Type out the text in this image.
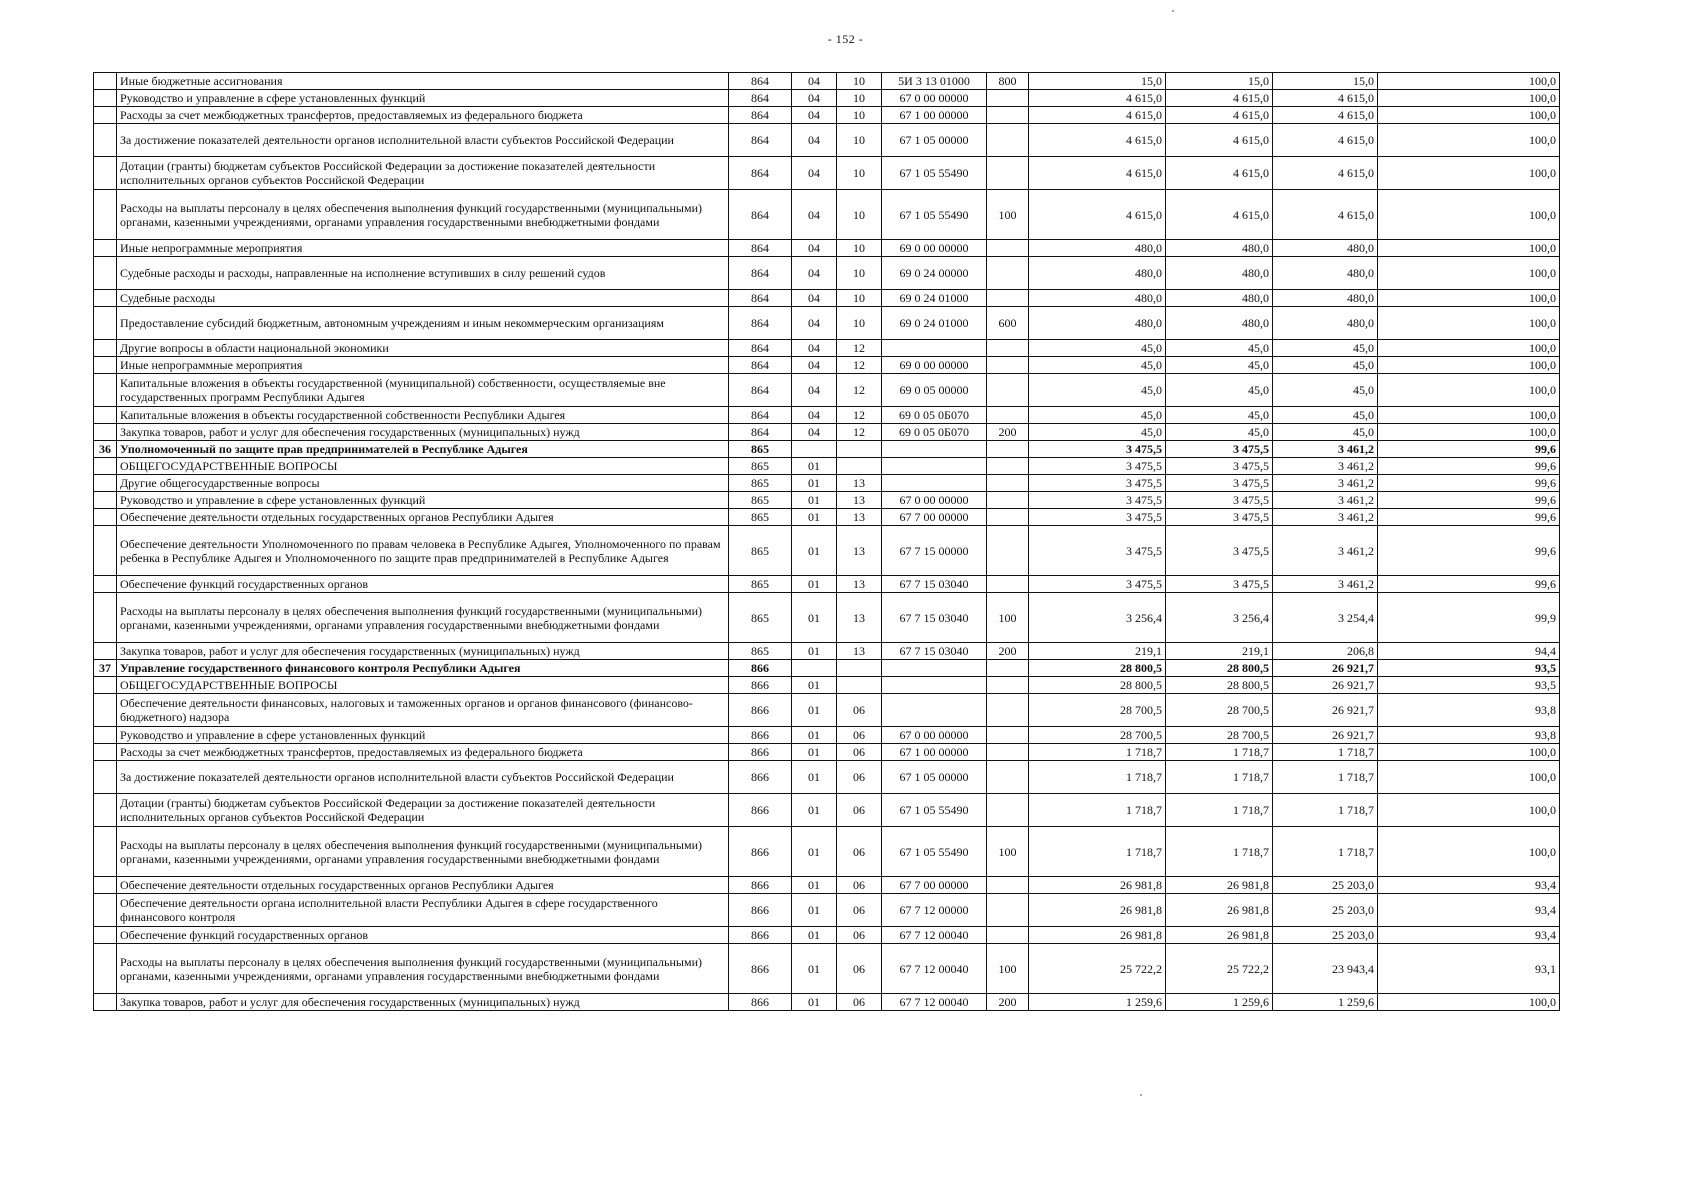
- 152 -
	Иные бюджетные ассигнования	864	04	10	5И 3 13 01000	800	15,0	15,0	15,0	100,0
	Руководство и управление в сфере установленных функций	864	04	10	67 0 00 00000		4 615,0	4 615,0	4 615,0	100,0
	Расходы за счет межбюджетных трансфертов, предоставляемых из федерального бюджета	864	04	10	67 1 00 00000		4 615,0	4 615,0	4 615,0	100,0
	За достижение показателей деятельности органов исполнительной власти субъектов Российской Федерации	864	04	10	67 1 05 00000		4 615,0	4 615,0	4 615,0	100,0
	Дотации (гранты) бюджетам субъектов Российской Федерации за достижение показателей деятельности исполнительных органов субъектов Российской Федерации	864	04	10	67 1 05 55490		4 615,0	4 615,0	4 615,0	100,0
	Расходы на выплаты персоналу в целях обеспечения выполнения функций государственными (муниципальными) органами, казенными учреждениями, органами управления государственными внебюджетными фондами	864	04	10	67 1 05 55490	100	4 615,0	4 615,0	4 615,0	100,0
	Иные непрограммные мероприятия	864	04	10	69 0 00 00000		480,0	480,0	480,0	100,0
	Судебные расходы и расходы, направленные на исполнение вступивших в силу решений судов	864	04	10	69 0 24 00000		480,0	480,0	480,0	100,0
	Судебные расходы	864	04	10	69 0 24 01000		480,0	480,0	480,0	100,0
	Предоставление субсидий бюджетным, автономным учреждениям и иным некоммерческим организациям	864	04	10	69 0 24 01000	600	480,0	480,0	480,0	100,0
	Другие вопросы в области национальной экономики	864	04	12			45,0	45,0	45,0	100,0
	Иные непрограммные мероприятия	864	04	12	69 0 00 00000		45,0	45,0	45,0	100,0
	Капитальные вложения в объекты государственной (муниципальной) собственности, осуществляемые вне государственных программ Республики Адыгея	864	04	12	69 0 05 00000		45,0	45,0	45,0	100,0
	Капитальные вложения в объекты государственной собственности Республики Адыгея	864	04	12	69 0 05 0Б070		45,0	45,0	45,0	100,0
	Закупка товаров, работ и услуг для обеспечения государственных (муниципальных) нужд	864	04	12	69 0 05 0Б070	200	45,0	45,0	45,0	100,0
36	Уполномоченный по защите прав предпринимателей в Республике Адыгея	865					3 475,5	3 475,5	3 461,2	99,6
	ОБЩЕГОСУДАРСТВЕННЫЕ ВОПРОСЫ	865	01				3 475,5	3 475,5	3 461,2	99,6
	Другие общегосударственные вопросы	865	01	13			3 475,5	3 475,5	3 461,2	99,6
	Руководство и управление в сфере установленных функций	865	01	13	67 0 00 00000		3 475,5	3 475,5	3 461,2	99,6
	Обеспечение деятельности отдельных государственных органов Республики Адыгея	865	01	13	67 7 00 00000		3 475,5	3 475,5	3 461,2	99,6
	Обеспечение деятельности Уполномоченного по правам человека в Республике Адыгея, Уполномоченного по правам ребенка в Республике Адыгея и Уполномоченного по защите прав предпринимателей в Республике Адыгея	865	01	13	67 7 15 00000		3 475,5	3 475,5	3 461,2	99,6
	Обеспечение функций государственных органов	865	01	13	67 7 15 03040		3 475,5	3 475,5	3 461,2	99,6
	Расходы на выплаты персоналу в целях обеспечения выполнения функций государственными (муниципальными) органами, казенными учреждениями, органами управления государственными внебюджетными фондами	865	01	13	67 7 15 03040	100	3 256,4	3 256,4	3 254,4	99,9
	Закупка товаров, работ и услуг для обеспечения государственных (муниципальных) нужд	865	01	13	67 7 15 03040	200	219,1	219,1	206,8	94,4
37	Управление государственного финансового контроля Республики Адыгея	866					28 800,5	28 800,5	26 921,7	93,5
	ОБЩЕГОСУДАРСТВЕННЫЕ ВОПРОСЫ	866	01				28 800,5	28 800,5	26 921,7	93,5
	Обеспечение деятельности финансовых, налоговых и таможенных органов и органов финансового (финансово-бюджетного) надзора	866	01	06			28 700,5	28 700,5	26 921,7	93,8
	Руководство и управление в сфере установленных функций	866	01	06	67 0 00 00000		28 700,5	28 700,5	26 921,7	93,8
	Расходы за счет межбюджетных трансфертов, предоставляемых из федерального бюджета	866	01	06	67 1 00 00000		1 718,7	1 718,7	1 718,7	100,0
	За достижение показателей деятельности органов исполнительной власти субъектов Российской Федерации	866	01	06	67 1 05 00000		1 718,7	1 718,7	1 718,7	100,0
	Дотации (гранты) бюджетам субъектов Российской Федерации за достижение показателей деятельности исполнительных органов субъектов Российской Федерации	866	01	06	67 1 05 55490		1 718,7	1 718,7	1 718,7	100,0
	Расходы на выплаты персоналу в целях обеспечения выполнения функций государственными (муниципальными) органами, казенными учреждениями, органами управления государственными внебюджетными фондами	866	01	06	67 1 05 55490	100	1 718,7	1 718,7	1 718,7	100,0
	Обеспечение деятельности отдельных государственных органов Республики Адыгея	866	01	06	67 7 00 00000		26 981,8	26 981,8	25 203,0	93,4
	Обеспечение деятельности органа исполнительной власти Республики Адыгея в сфере государственного финансового контроля	866	01	06	67 7 12 00000		26 981,8	26 981,8	25 203,0	93,4
	Обеспечение функций государственных органов	866	01	06	67 7 12 00040		26 981,8	26 981,8	25 203,0	93,4
	Расходы на выплаты персоналу в целях обеспечения выполнения функций государственными (муниципальными) органами, казенными учреждениями, органами управления государственными внебюджетными фондами	866	01	06	67 7 12 00040	100	25 722,2	25 722,2	23 943,4	93,1
	Закупка товаров, работ и услуг для обеспечения государственных (муниципальных) нужд	866	01	06	67 7 12 00040	200	1 259,6	1 259,6	1 259,6	100,0
